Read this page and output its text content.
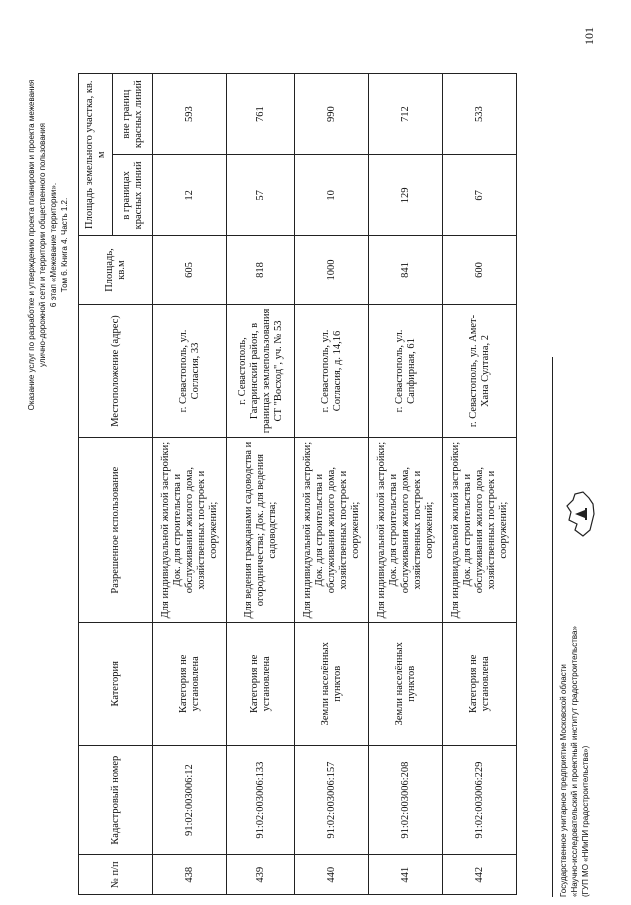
Оказание услуг по разработке и утверждению проекта планировки и проекта межевания улично-дорожной сети и территории общественного пользования 6 этап «Межевание территории». Том 6. Книга 4. Часть 1.2.
№ п/п	Кадастровый номер	Категория	Разрешенное использование	Местоположение (адрес)	Площадь, кв.м	Площадь земельного участка, кв. м	
						в границах красных линий	вне границ красных линий
438	91:02:003006:12	Категория не установлена	Для индивидуальной жилой застройки; Док. для строительства и обслуживания жилого дома, хозяйственных построек и сооружений;	г. Севастополь, ул. Согласия, 33	605	12	593
439	91:02:003006:133	Категория не установлена	Для ведения гражданами садоводства и огородничества; Док. для ведения садоводства;	г. Севастополь, Гагаринский район, в границах землепользования СТ "Восход", уч. № 53	818	57	761
440	91:02:003006:157	Земли населённых пунктов	Для индивидуальной жилой застройки; Док. для строительства и обслуживания жилого дома, хозяйственных построек и сооружений;	г. Севастополь, ул. Согласия, д. 14,16	1000	10	990
441	91:02:003006:208	Земли населённых пунктов	Для индивидуальной жилой застройки; Док. для строительства и обслуживания жилого дома, хозяйственных построек и сооружений;	г. Севастополь, ул. Сапфирная, 61	841	129	712
442	91:02:003006:229	Категория не установлена	Для индивидуальной жилой застройки; Док. для строительства и обслуживания жилого дома, хозяйственных построек и сооружений;	г. Севастополь, ул. Амет-Хана Султана, 2	600	67	533
Государственное унитарное предприятие Московской области «Научно-исследовательский и проектный институт градостроительства» (ГУП МО «НИиПИ градостроительства»)
101
